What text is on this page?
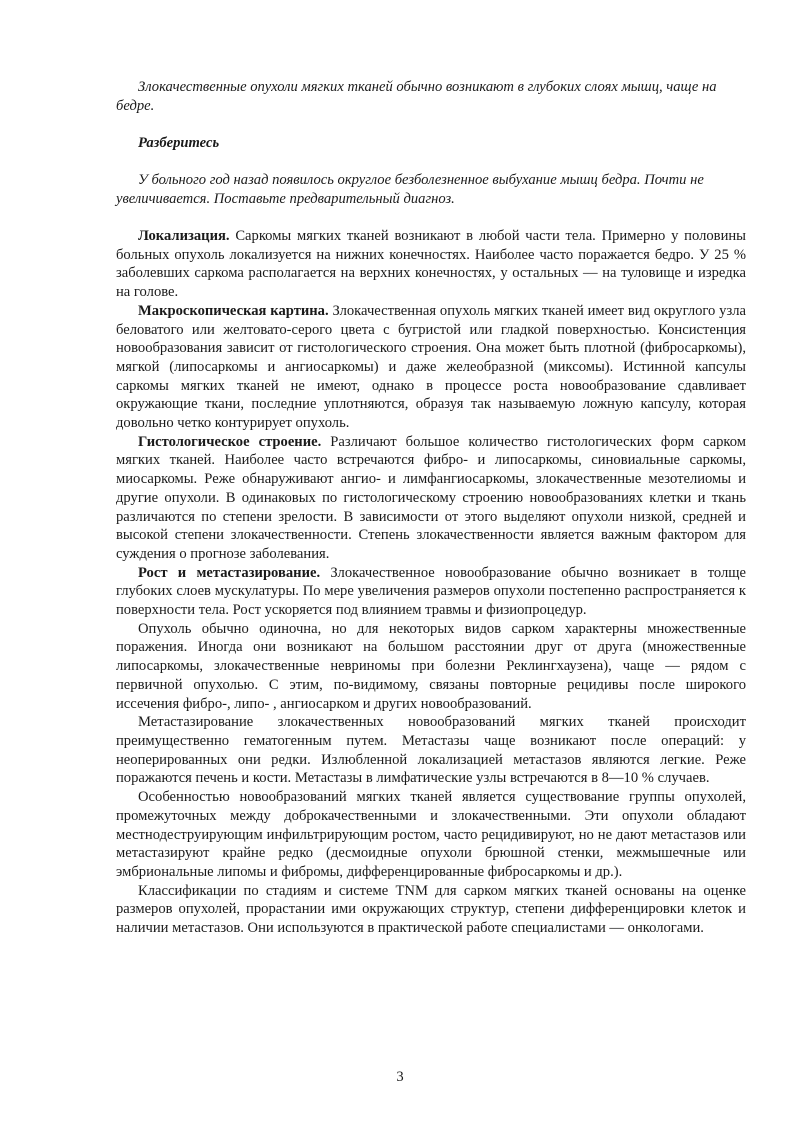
Злокачественные опухоли мягких тканей обычно возникают в глубоких слоях мышц, чаще на бедре.

Разберитесь

У больного год назад появилось округлое безболезненное выбухание мышц бедра. Почти не увеличивается. Поставьте предварительный диагноз.

Локализация. Саркомы мягких тканей возникают в любой части тела. Примерно у половины больных опухоль локализуется на нижних конечностях. Наиболее часто поражается бедро. У 25 % заболевших саркома располагается на верхних конечностях, у остальных — на туловище и изредка на голове.

Макроскопическая картина. Злокачественная опухоль мягких тканей имеет вид округлого узла беловатого или желтовато-серого цвета с бугристой или гладкой поверхностью. Консистенция новообразования зависит от гистологического строения. Она может быть плотной (фибросаркомы), мягкой (липосаркомы и ангиосаркомы) и даже желеобразной (миксомы). Истинной капсулы саркомы мягких тканей не имеют, однако в процессе роста новообразование сдавливает окружающие ткани, последние уплотняются, образуя так называемую ложную капсулу, которая довольно четко контурирует опухоль.

Гистологическое строение. Различают большое количество гистологических форм сарком мягких тканей. Наиболее часто встречаются фибро- и липосаркомы, синовиальные саркомы, миосаркомы. Реже обнаруживают ангио- и лимфангиосаркомы, злокачественные мезотелиомы и другие опухоли. В одинаковых по гистологическому строению новообразованиях клетки и ткань различаются по степени зрелости. В зависимости от этого выделяют опухоли низкой, средней и высокой степени злокачественности. Степень злокачественности является важным фактором для суждения о прогнозе заболевания.

Рост и метастазирование. Злокачественное новообразование обычно возникает в толще глубоких слоев мускулатуры. По мере увеличения размеров опухоли постепенно распространяется к поверхности тела. Рост ускоряется под влиянием травмы и физиопроцедур.

Опухоль обычно одиночна, но для некоторых видов сарком характерны множественные поражения. Иногда они возникают на большом расстоянии друг от друга (множественные липосаркомы, злокачественные невриномы при болезни Реклингхаузена), чаще — рядом с первичной опухолью. С этим, по-видимому, связаны повторные рецидивы после широкого иссечения фибро-, липо- , ангиосарком и других новообразований.

Метастазирование злокачественных новообразований мягких тканей происходит преимущественно гематогенным путем. Метастазы чаще возникают после операций: у неоперированных они редки. Излюбленной локализацией метастазов являются легкие. Реже поражаются печень и кости. Метастазы в лимфатические узлы встречаются в 8—10 % случаев.

Особенностью новообразований мягких тканей является существование группы опухолей, промежуточных между доброкачественными и злокачественными. Эти опухоли обладают местнодеструирующим инфильтрирующим ростом, часто рецидивируют, но не дают метастазов или метастазируют крайне редко (десмоидные опухоли брюшной стенки, межмышечные или эмбриональные липомы и фибромы, дифференцированные фибросаркомы и др.).

Классификации по стадиям и системе TNM для сарком мягких тканей основаны на оценке размеров опухолей, прорастании ими окружающих структур, степени дифференцировки клеток и наличии метастазов. Они используются в практической работе специалистами — онкологами.

3
